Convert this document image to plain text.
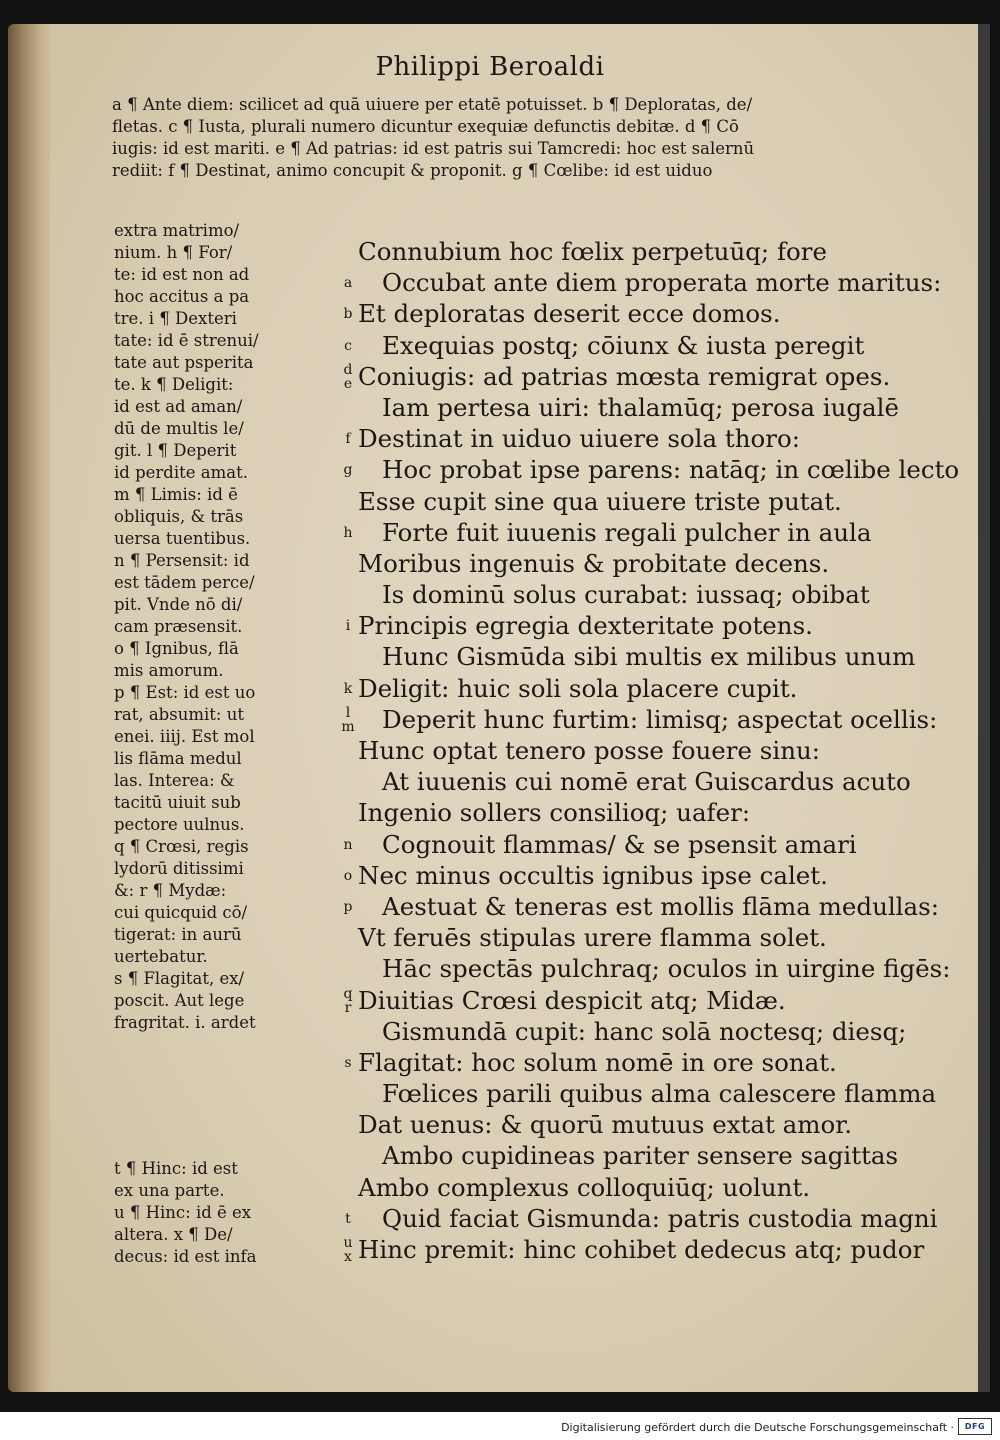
Philippi Beroaldi
a ¶ Ante diem: scilicet ad quā uiuere per etatē potuisset. b ¶ Deploratas, de/
fletas. c ¶ Iusta, plurali numero dicuntur exequiæ defunctis debitæ. d ¶ Cō
iugis: id est mariti. e ¶ Ad patrias: id est patris sui Tamcredi: hoc est salernū
rediit: f ¶ Destinat, animo concupit & proponit. g ¶ Cœlibe: id est uiduo
extra matrimo/
nium. h ¶ For/
te: id est non ad
hoc accitus a pa
tre. i ¶ Dexteri
tate: id ē strenui/
tate aut psperita
te. k ¶ Deligit:
id est ad aman/
dū de multis le/
git. l ¶ Deperit
id perdite amat.
m ¶ Limis: id ē
obliquis, & trās
uersa tuentibus.
n ¶ Persensit: id
est tādem perce/
pit. Vnde nō di/
cam præsensit.
o ¶ Ignibus, flā
mis amorum.
p ¶ Est: id est uo
rat, absumit: ut
enei. iiij. Est mol
lis flāma medul
las. Interea: &
tacitū uiuit sub
pectore uulnus.
q ¶ Crœsi, regis
lydorū ditissimi
&: r ¶ Mydæ:
cui quicquid cō/
tigerat: in aurū
uertebatur.
s ¶ Flagitat, ex/
poscit. Aut lege
fragritat. i. ardet
t ¶ Hinc: id est
ex una parte.
u ¶ Hinc: id ē ex
altera. x ¶ De/
decus: id est infa
Connubium hoc fœlix perpetuūq; fore
a Occubat ante diem properata morte maritus:
b Et deploratas deserit ecce domos.
c Exequias postq; cōiunx & iusta peregit
d
e Coniugis: ad patrias mœsta remigrat opes.
Iam pertesa uiri: thalamūq; perosa iugalē
f Destinat in uiduo uiuere sola thoro:
g Hoc probat ipse parens: natāq; in cœlibe lecto
Esse cupit sine qua uiuere triste putat.
h Forte fuit iuuenis regali pulcher in aula
Moribus ingenuis & probitate decens.
Is dominū solus curabat: iussaq; obibat
i Principis egregia dexteritate potens.
Hunc Gismūda sibi multis ex milibus unum
k Deligit: huic soli sola placere cupit.
l
m Deperit hunc furtim: limisq; aspectat ocellis:
Hunc optat tenero posse fouere sinu:
At iuuenis cui nomē erat Guiscardus acuto
Ingenio sollers consilioq; uafer:
n Cognouit flammas/ & se psensit amari
o Nec minus occultis ignibus ipse calet.
p Aestuat & teneras est mollis flāma medullas:
Vt feruēs stipulas urere flamma solet.
Hāc spectās pulchraq; oculos in uirgine figēs:
q
r Diuitias Crœsi despicit atq; Midæ.
Gismundā cupit: hanc solā noctesq; diesq;
s Flagitat: hoc solum nomē in ore sonat.
Fœlices parili quibus alma calescere flamma
Dat uenus: & quorū mutuus extat amor.
Ambo cupidineas pariter sensere sagittas
Ambo complexus colloquiūq; uolunt.
t Quid faciat Gismunda: patris custodia magni
u
x Hinc premit: hinc cohibet dedecus atq; pudor
Digitalisierung gefördert durch die Deutsche Forschungsgemeinschaft ·	DFG
